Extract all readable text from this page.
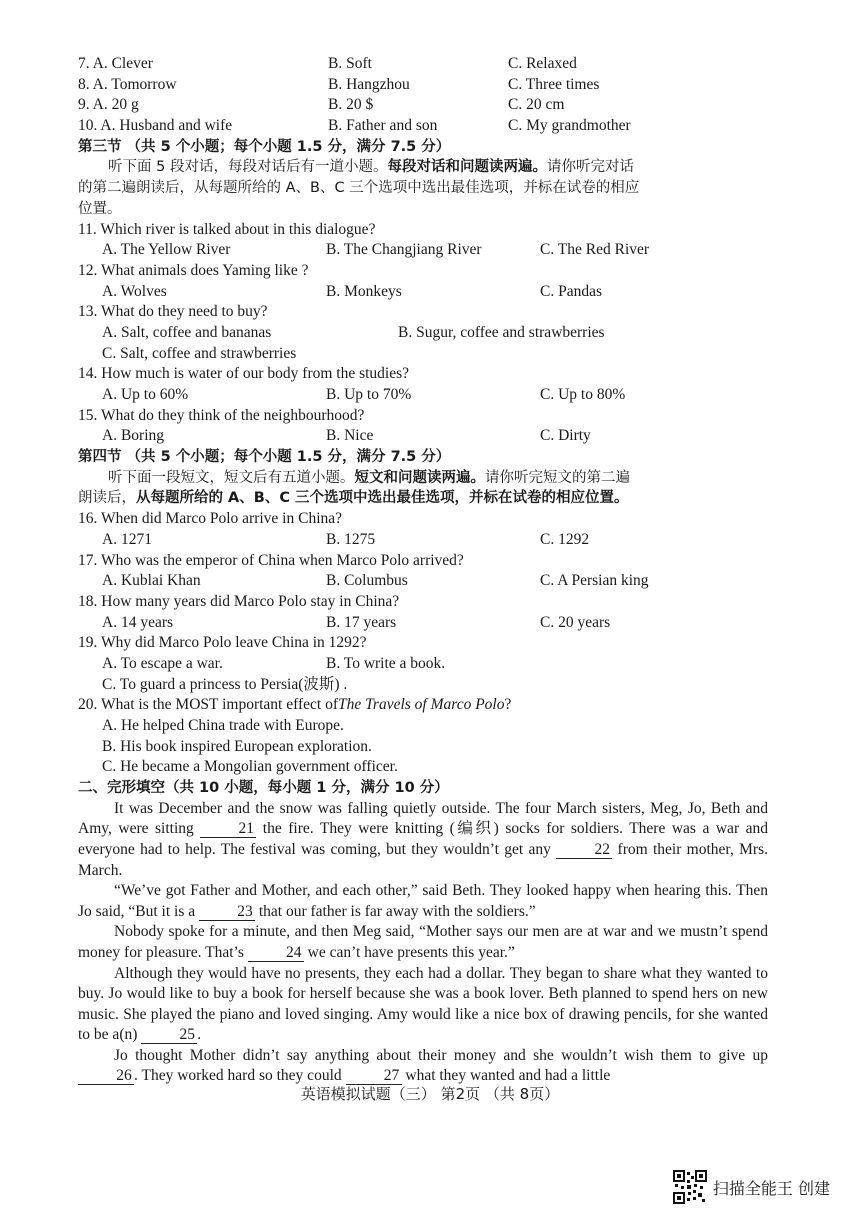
7. A. Clever	B. Soft	C. Relaxed
8. A. Tomorrow	B. Hangzhou	C. Three times
9. A. 20 g	B. 20 $	C. 20 cm
10. A. Husband and wife	B. Father and son	C. My grandmother
第三节 （共 5 个小题；每个小题 1.5 分，满分 7.5 分）
听下面 5 段对话，每段对话后有一道小题。 每段对话和问题读两遍。 请你听完对话
的第二遍朗读后，从每题所给的 A、B、C 三个选项中选出最佳选项，并标在试卷的相应
位置。
11. Which river is talked about in this dialogue?
A. The Yellow River	B. The Changjiang River	C. The Red River
12. What animals does Yaming like ?
A. Wolves	B. Monkeys	C. Pandas
13. What do they need to buy?
A. Salt, coffee and bananas	B. Sugur, coffee and strawberries
C. Salt, coffee and strawberries
14. How much is water of our body from the studies?
A. Up to 60%	B. Up to 70%	C. Up to 80%
15. What do they think of the neighbourhood?
A. Boring	B. Nice	C. Dirty
第四节 （共 5 个小题；每个小题 1.5 分，满分 7.5 分）
听下面一段短文，短文后有五道小题。 短文和问题读两遍。 请你听完短文的第二遍
朗读后， 从每题所给的 A、B、C 三个选项中选出最佳选项，并标在试卷的相应位置。
16. When did Marco Polo arrive in China?
A. 1271	B. 1275	C. 1292
17. Who was the emperor of China when Marco Polo arrived?
A. Kublai Khan	B. Columbus	C. A Persian king
18. How many years did Marco Polo stay in China?
A. 14 years	B. 17 years	C. 20 years
19. Why did Marco Polo leave China in 1292?
A. To escape a war.	B. To write a book.
C. To guard a princess to Persia(波斯) .
20. What is the MOST important effect of The Travels of Marco Polo ?
A. He helped China trade with Europe.
B. His book inspired European exploration.
C. He became a Mongolian government officer.
二、完形填空（共 10 小题，每小题 1 分，满分 10 分）

It was December and the snow was falling quietly outside. The four March sisters, Meg, Jo, Beth and Amy, were sitting	21 the fire. They were knitting (编织) socks for soldiers. There was a war and everyone had to help. The festival was coming, but they wouldn’t get any	22 from their mother, Mrs. March.

“We’ve got Father and Mother, and each other,” said Beth. They looked happy when hearing this. Then Jo said, “But it is a	23 that our father is far away with the soldiers.”

Nobody spoke for a minute, and then Meg said, “Mother says our men are at war and we mustn’t spend money for pleasure. That’s	24 we can’t have presents this year.”

Although they would have no presents, they each had a dollar. They began to share what they wanted to buy. Jo would like to buy a book for herself because she was a book lover. Beth planned to spend hers on new music. She played the piano and loved singing. Amy would like a nice box of drawing pencils, for she wanted to be a(n)	25 .

Jo thought Mother didn’t say anything about their money and she wouldn’t wish them to give up 26 . They worked hard so they could	27 what they wanted and had a little

英语模拟试题（三） 第2页 （共 8页）
扫描全能王 创建
